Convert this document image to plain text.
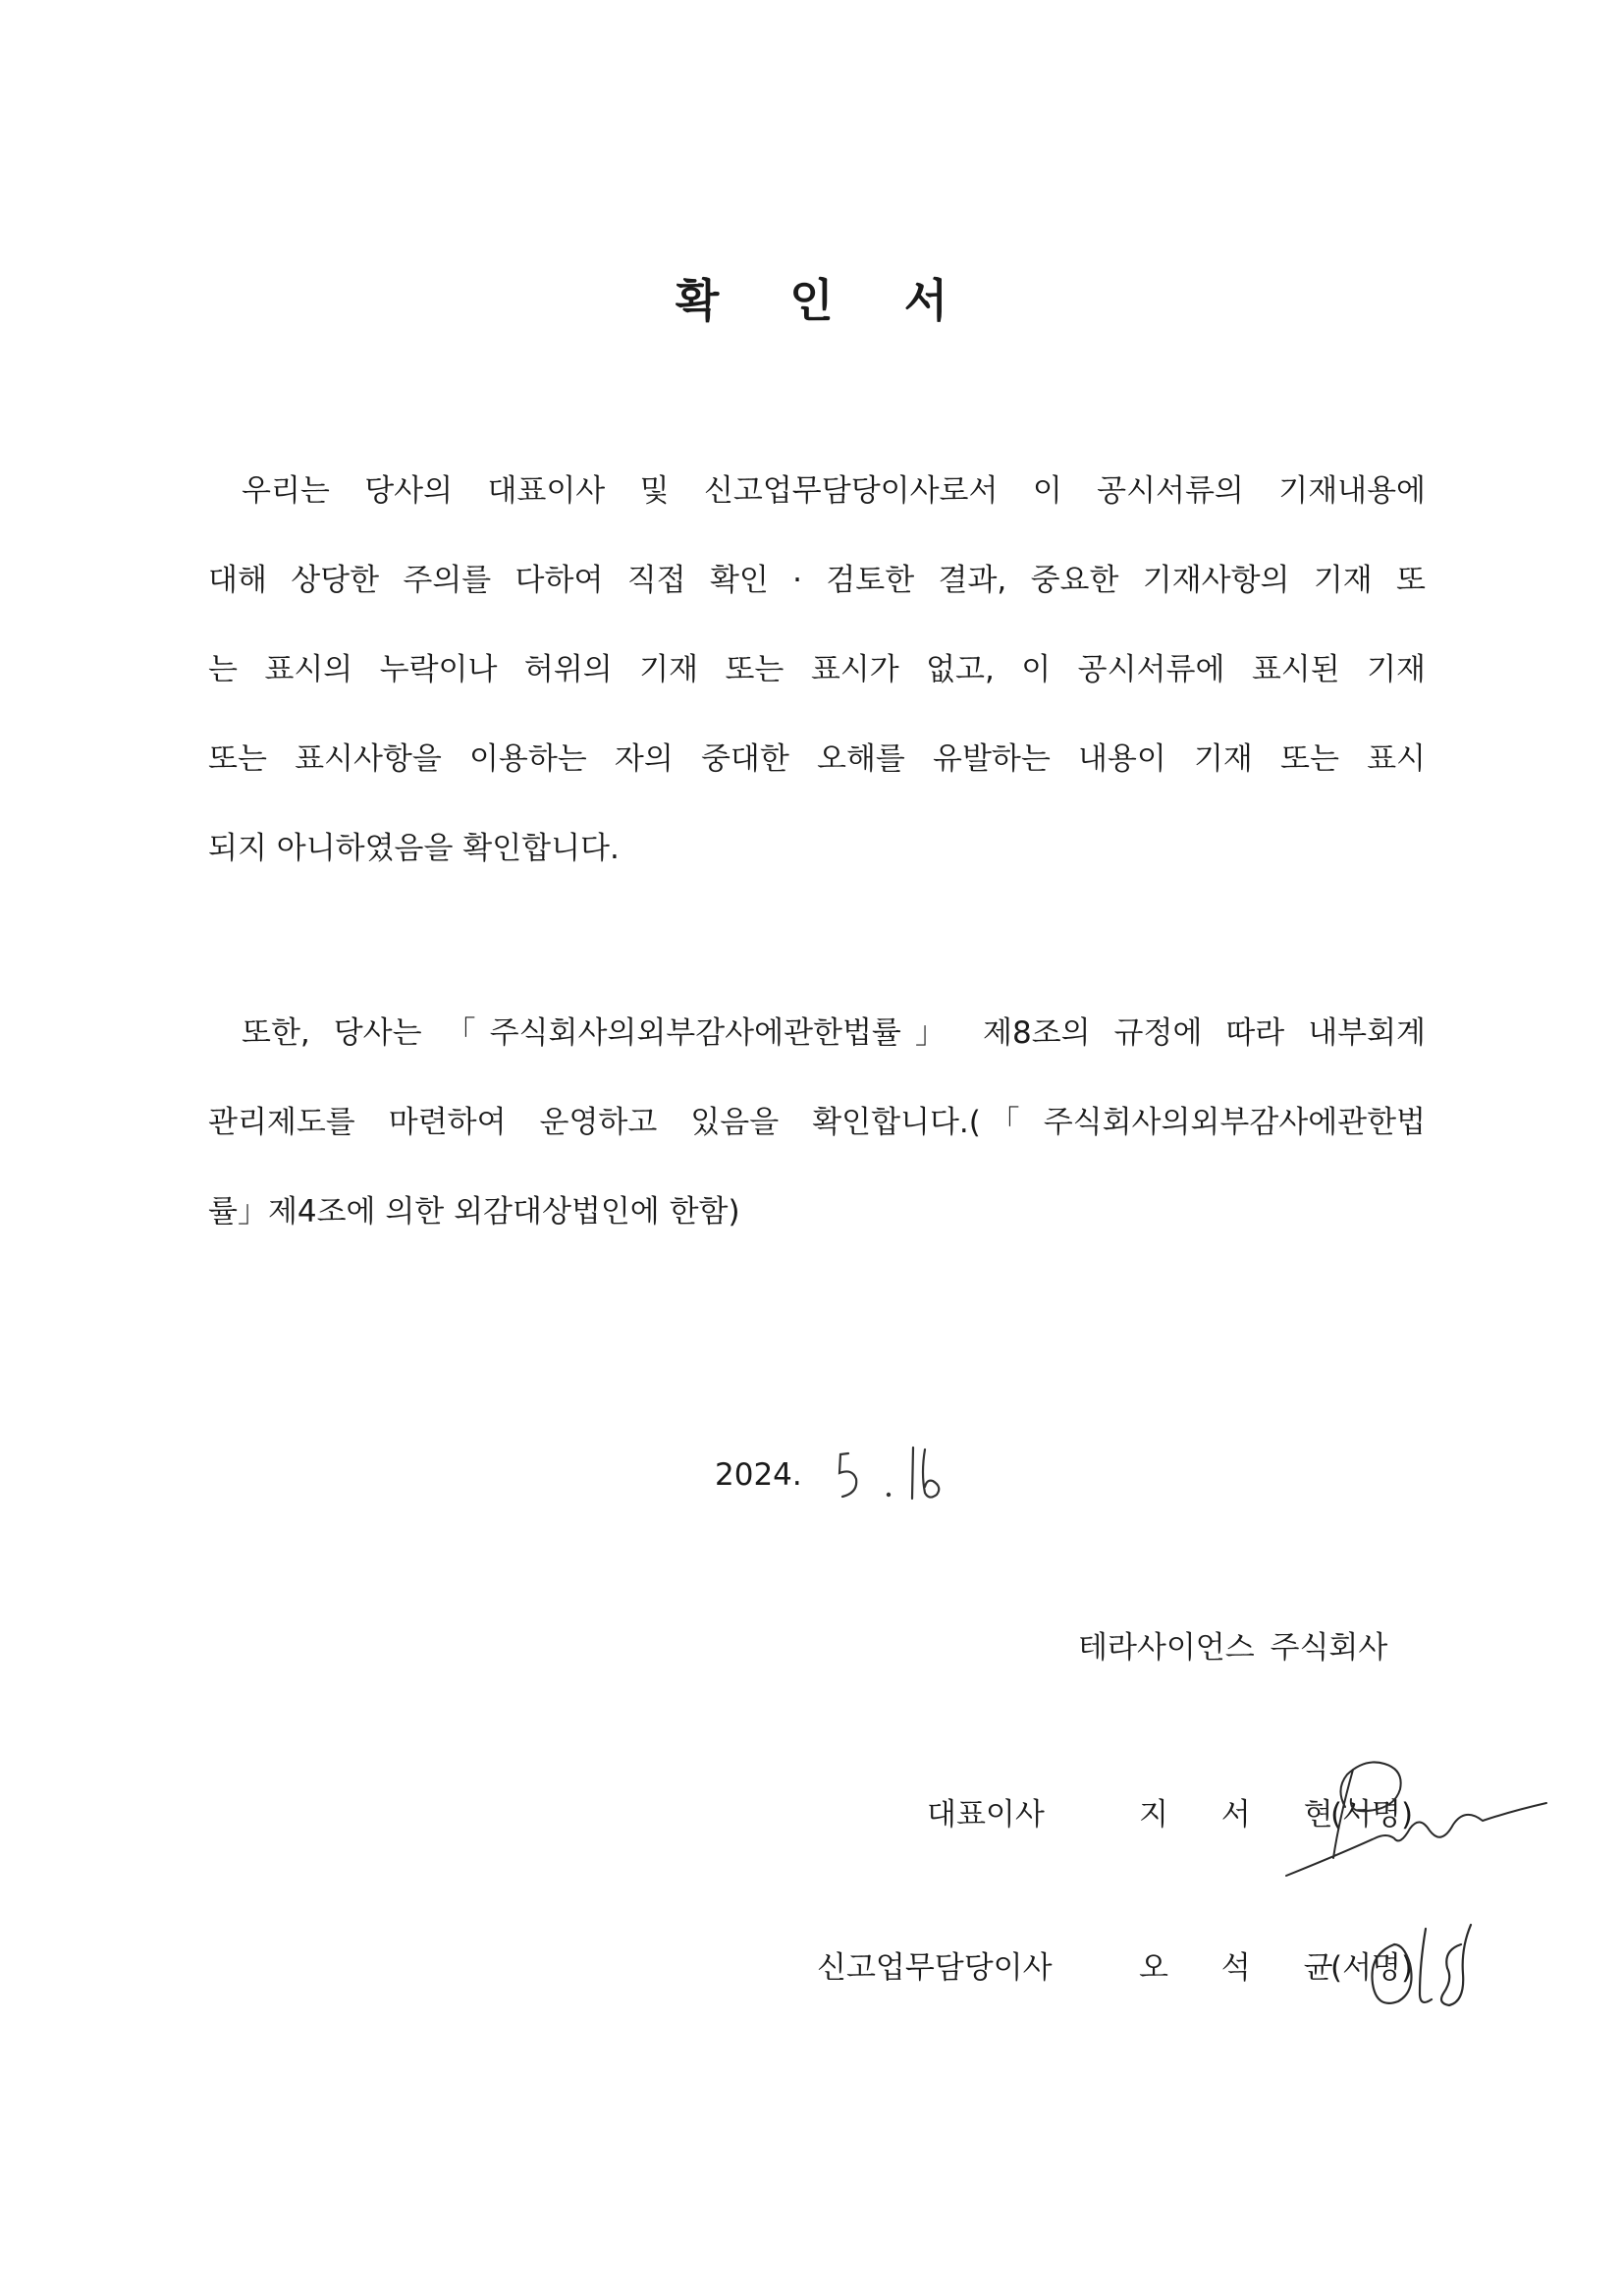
확 인 서
우리는 당사의 대표이사 및 신고업무담당이사로서 이 공시서류의 기재내용에
대해 상당한 주의를 다하여 직접 확인 · 검토한 결과, 중요한 기재사항의 기재 또
는 표시의 누락이나 허위의 기재 또는 표시가 없고, 이 공시서류에 표시된 기재
또는 표시사항을 이용하는 자의 중대한 오해를 유발하는 내용이 기재 또는 표시
되지 아니하였음을 확인합니다.
또한, 당사는 「주식회사의외부감사에관한법률」 제8조의 규정에 따라 내부회계
관리제도를 마련하여 운영하고 있음을 확인합니다.(「주식회사의외부감사에관한법
률」제4조에 의한 외감대상법인에 한함)
2024.
테라사이언스 주식회사
대표이사	지 서 현
(서명)
신고업무담당이사	오 석 균
(서명)
